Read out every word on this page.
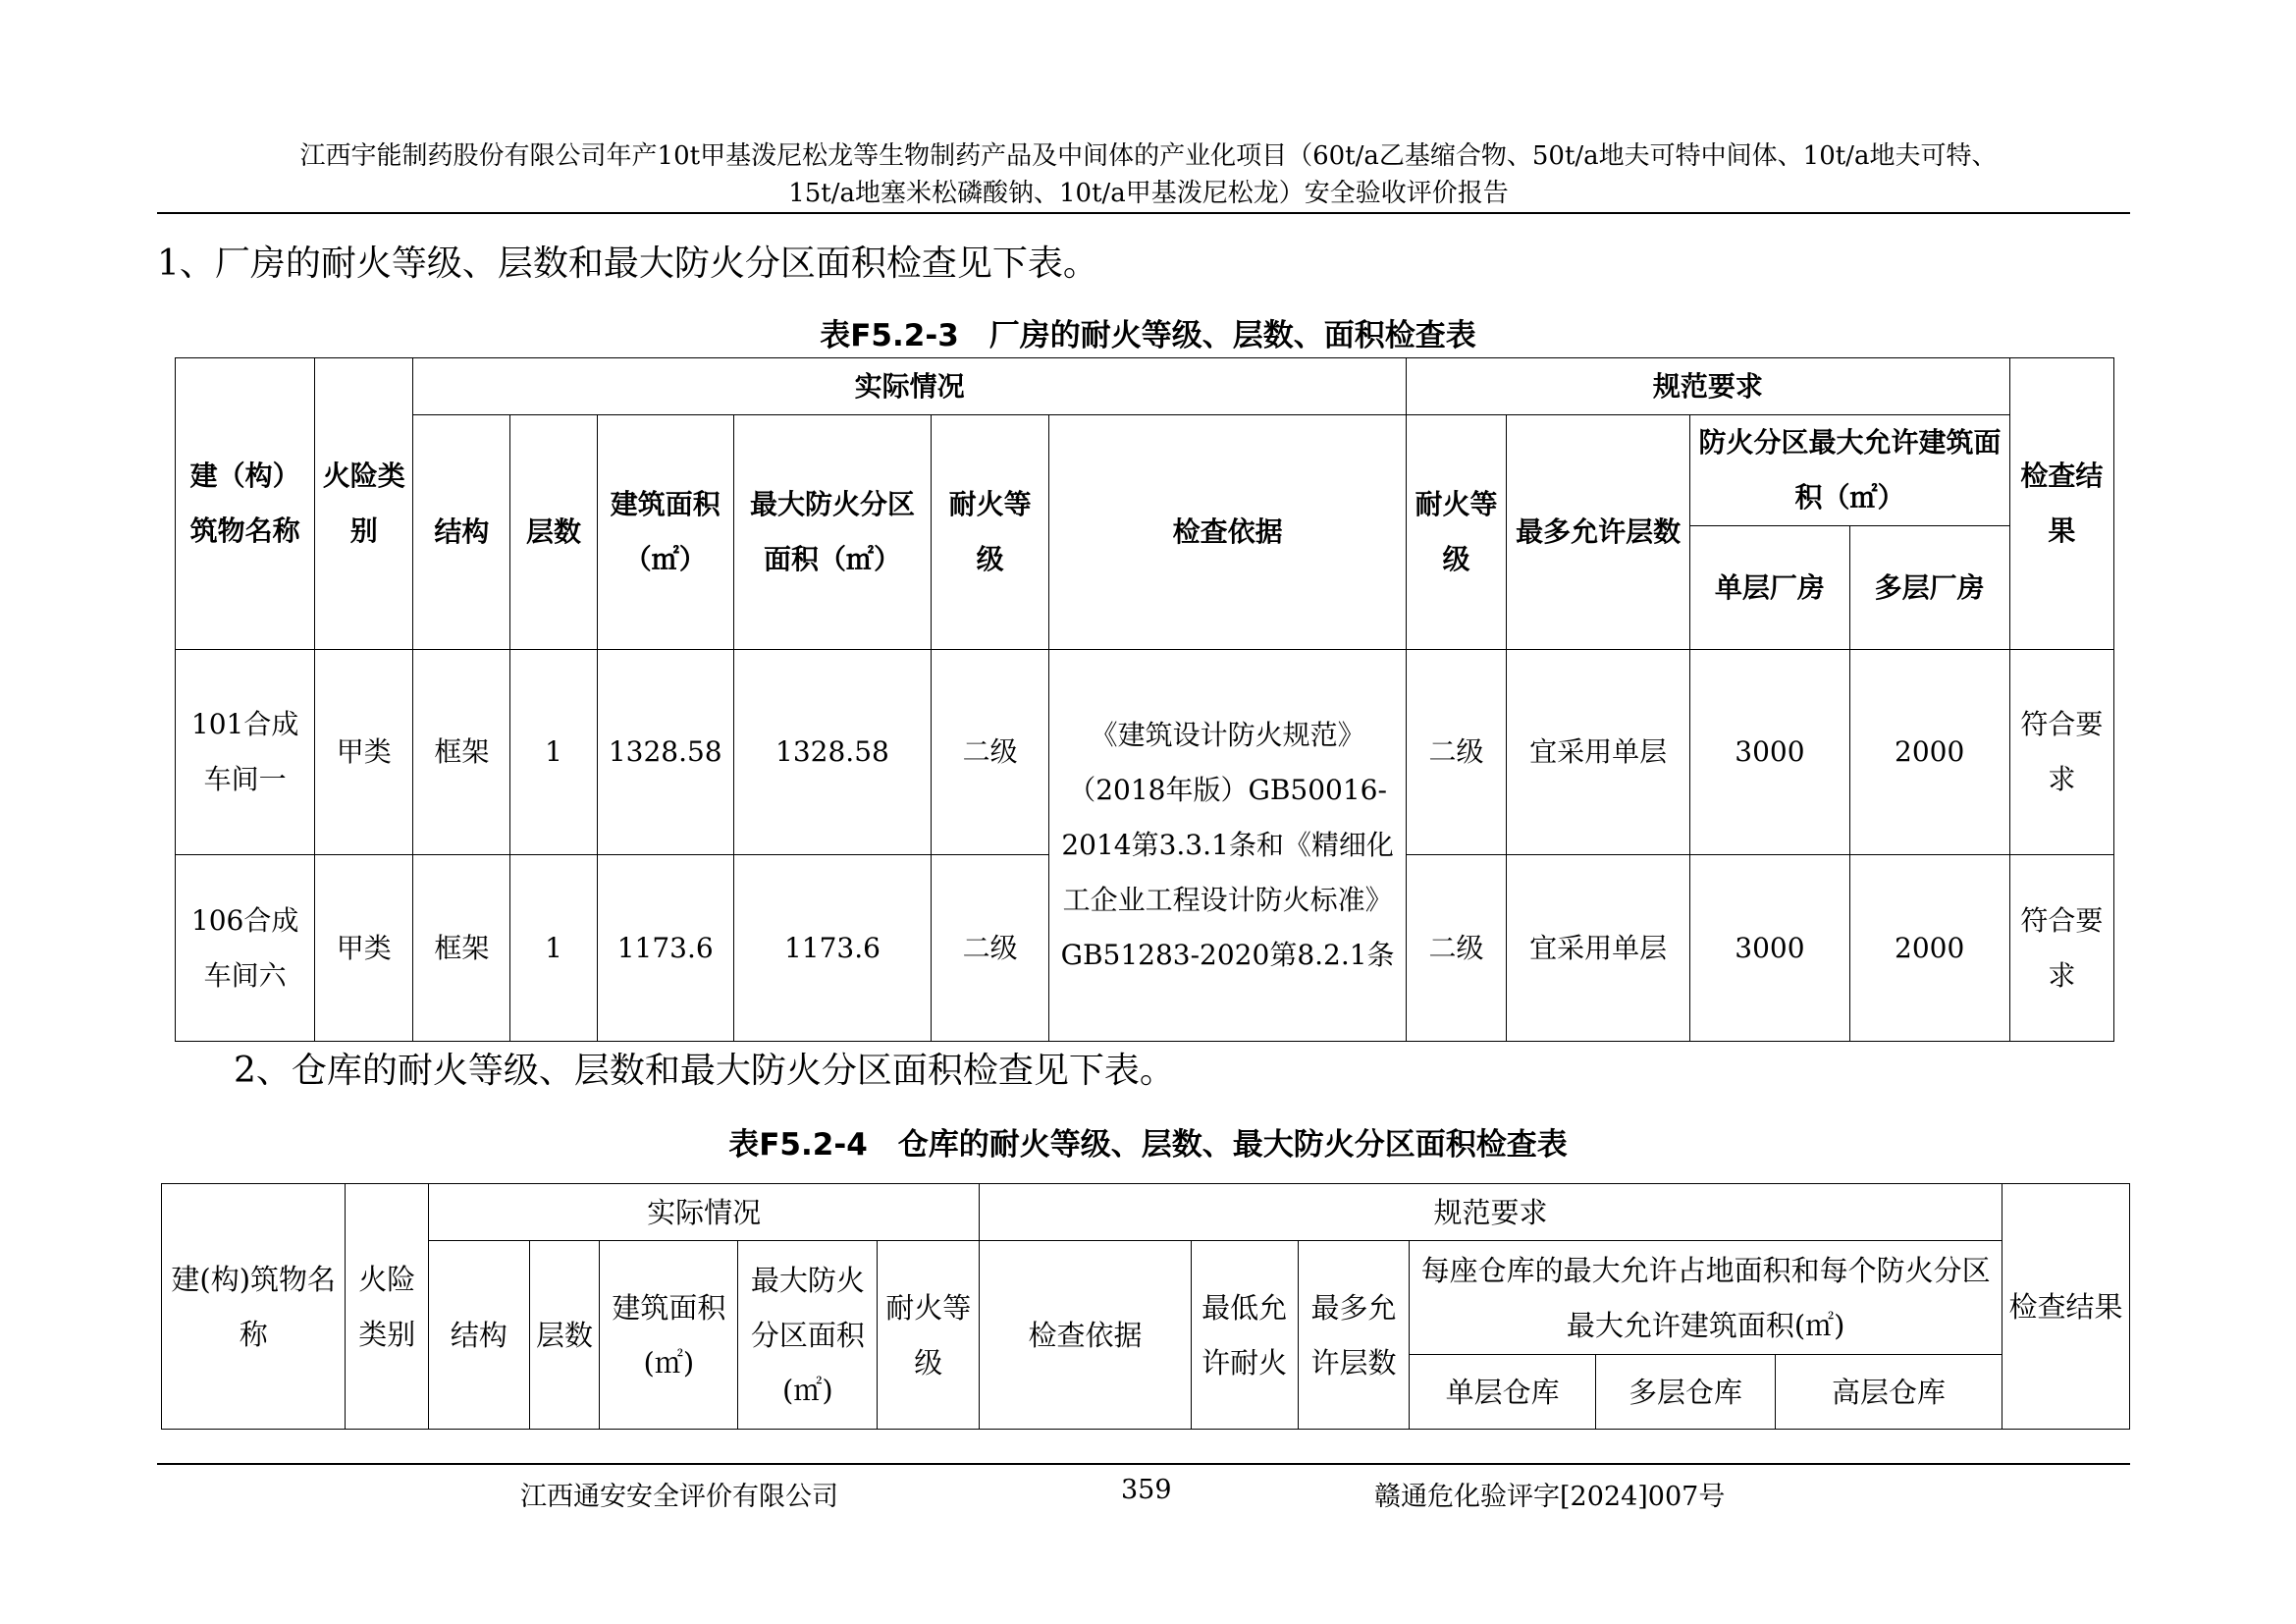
江西宇能制药股份有限公司年产10t甲基泼尼松龙等生物制药产品及中间体的产业化项目（60t/a乙基缩合物、50t/a地夫可特中间体、10t/a地夫可特、
15t/a地塞米松磷酸钠、10t/a甲基泼尼松龙）安全验收评价报告
1、厂房的耐火等级、层数和最大防火分区面积检查见下表。
表F5.2-3　厂房的耐火等级、层数、面积检查表
建（构）筑物名称	火险类别	实际情况						规范要求				检查结果
		结构	层数	建筑面积（㎡）	最大防火分区面积（㎡）	耐火等级	检查依据	耐火等级	最多允许层数	防火分区最大允许建筑面积（㎡）		
										单层厂房	多层厂房	
101合成车间一	甲类	框架	1	1328.58	1328.58	二级	《建筑设计防火规范》（2018年版）GB50016-2014第3.3.1条和《精细化工企业工程设计防火标准》GB51283-2020第8.2.1条	二级	宜采用单层	3000	2000	符合要求
106合成车间六	甲类	框架	1	1173.6	1173.6	二级		二级	宜采用单层	3000	2000	符合要求
2、仓库的耐火等级、层数和最大防火分区面积检查见下表。
表F5.2-4　仓库的耐火等级、层数、最大防火分区面积检查表
建(构)筑物名称	火险类别	实际情况					规范要求						检查结果
		结构	层数	建筑面积(㎡)	最大防火分区面积(㎡)	耐火等级	检查依据	最低允许耐火	最多允许层数	每座仓库的最大允许占地面积和每个防火分区最大允许建筑面积(㎡)			
										单层仓库	多层仓库	高层仓库	
江西通安安全评价有限公司	359	赣通危化验评字[2024]007号
